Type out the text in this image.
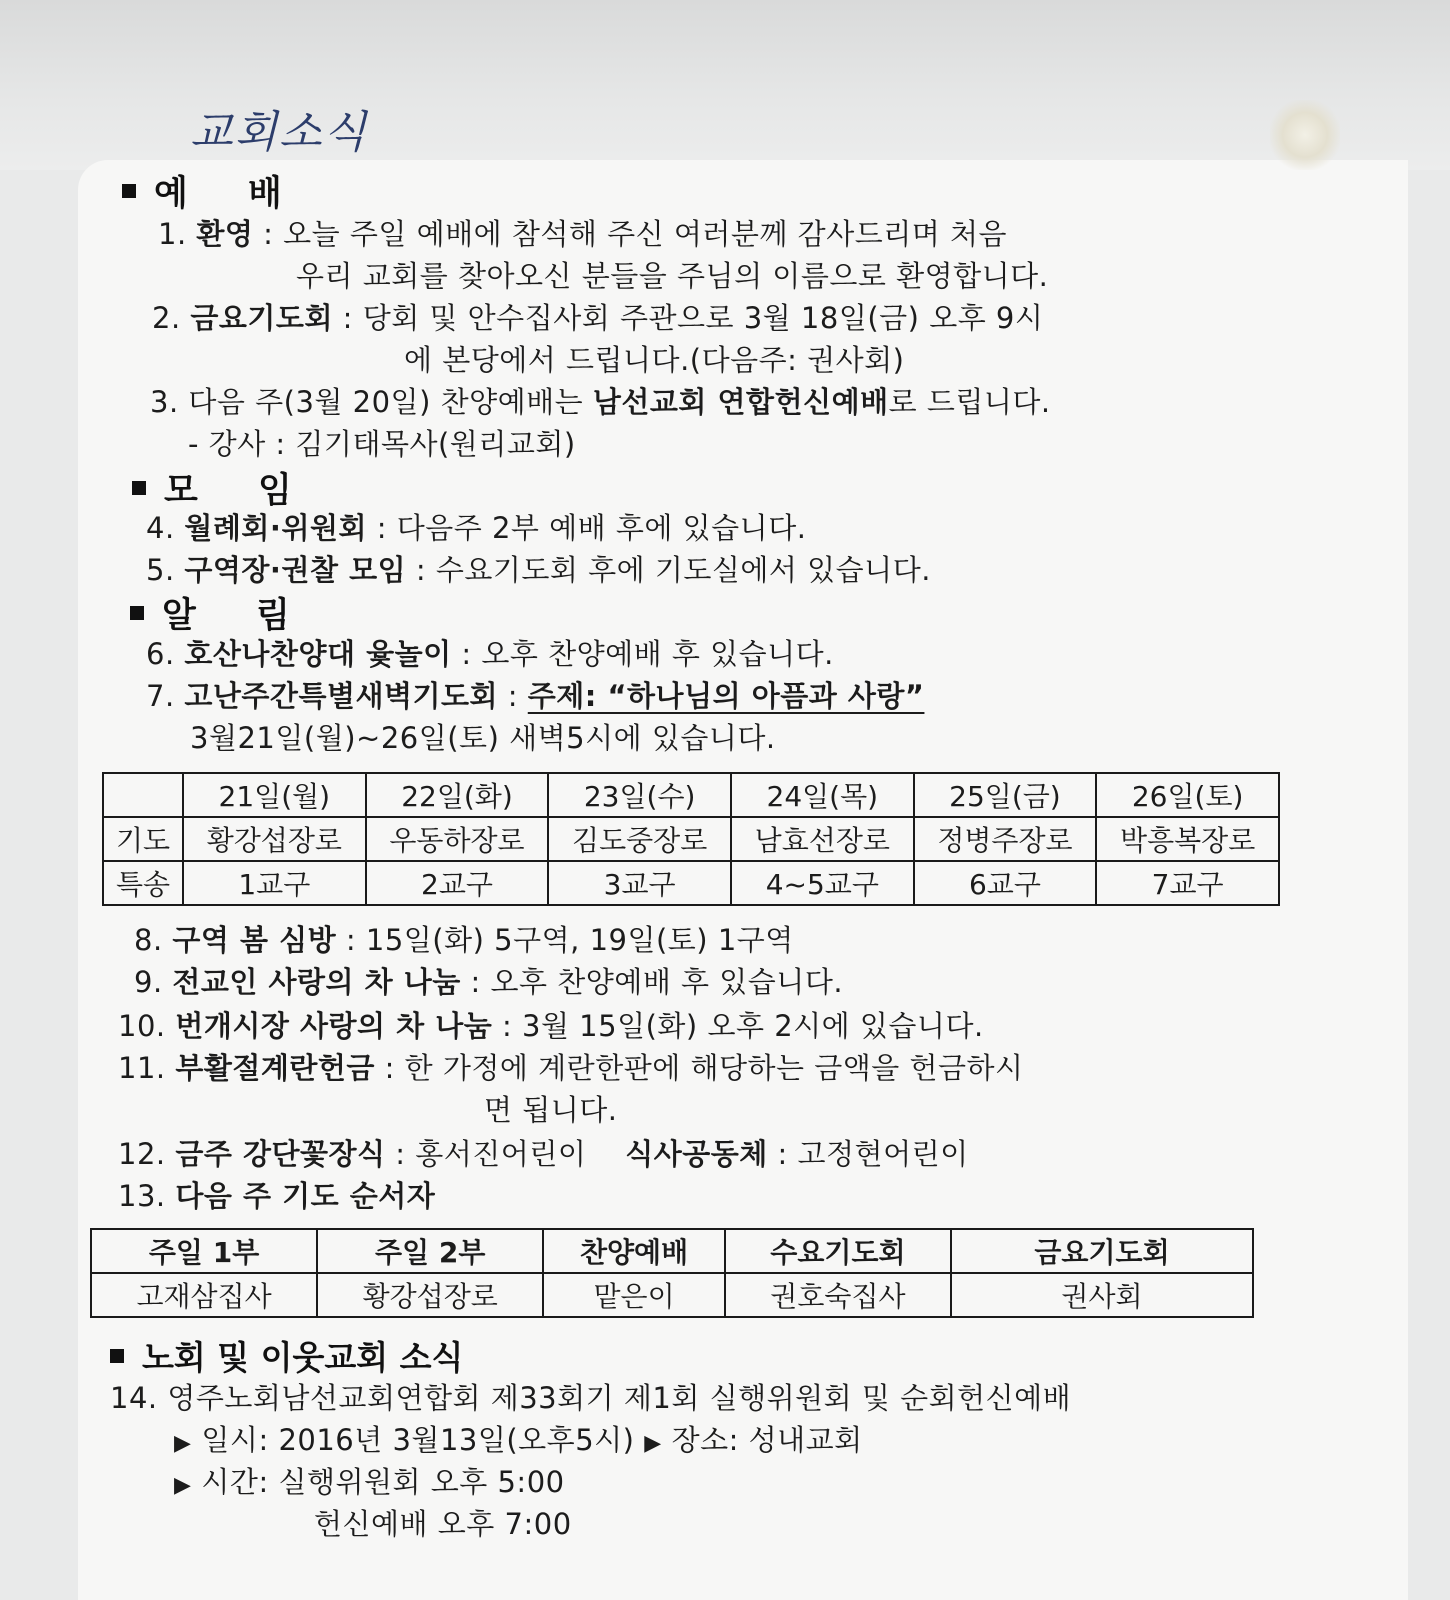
교회소식
예 배
1. 환영 : 오늘 주일 예배에 참석해 주신 여러분께 감사드리며 처음
우리 교회를 찾아오신 분들을 주님의 이름으로 환영합니다.
2. 금요기도회 : 당회 및 안수집사회 주관으로 3월 18일(금) 오후 9시
에 본당에서 드립니다.(다음주: 권사회)
3. 다음 주(3월 20일) 찬양예배는 남선교회 연합헌신예배로 드립니다.
- 강사 : 김기태목사(원리교회)
모 임
4. 월례회·위원회 : 다음주 2부 예배 후에 있습니다.
5. 구역장·권찰 모임 : 수요기도회 후에 기도실에서 있습니다.
알 림
6. 호산나찬양대 윷놀이 : 오후 찬양예배 후 있습니다.
7. 고난주간특별새벽기도회 : 주제: “하나님의 아픔과 사랑”
3월21일(월)~26일(토) 새벽5시에 있습니다.
	21일(월)	22일(화)	23일(수)	24일(목)	25일(금)	26일(토)
기도	황강섭장로	우동하장로	김도중장로	남효선장로	정병주장로	박흥복장로
특송	1교구	2교구	3교구	4~5교구	6교구	7교구
8. 구역 봄 심방 : 15일(화) 5구역, 19일(토) 1구역
9. 전교인 사랑의 차 나눔 : 오후 찬양예배 후 있습니다.
10. 번개시장 사랑의 차 나눔 : 3월 15일(화) 오후 2시에 있습니다.
11. 부활절계란헌금 : 한 가정에 계란한판에 해당하는 금액을 헌금하시
면 됩니다.
12. 금주 강단꽃장식 : 홍서진어린이 식사공동체 : 고정현어린이
13. 다음 주 기도 순서자
주일 1부	주일 2부	찬양예배	수요기도회	금요기도회
고재삼집사	황강섭장로	맡은이	권호숙집사	권사회
노회 및 이웃교회 소식
14. 영주노회남선교회연합회 제33회기 제1회 실행위원회 및 순회헌신예배
▶ 일시: 2016년 3월13일(오후5시) ▶ 장소: 성내교회
▶ 시간: 실행위원회 오후 5:00
헌신예배 오후 7:00
